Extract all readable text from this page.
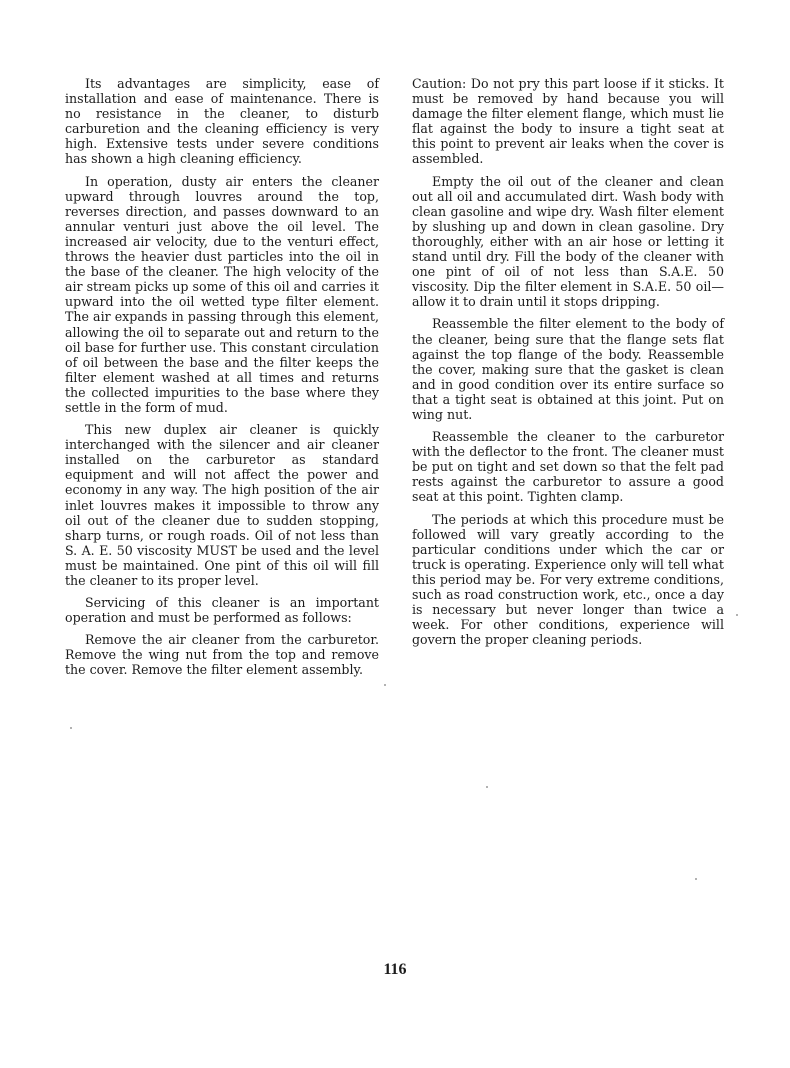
Its advantages are simplicity, ease of installation and ease of maintenance. There is no resistance in the cleaner, to disturb carburetion and the cleaning efficiency is very high. Extensive tests under severe conditions has shown a high cleaning efficiency.

In operation, dusty air enters the cleaner upward through louvres around the top, reverses direction, and passes downward to an annular venturi just above the oil level. The increased air velocity, due to the venturi effect, throws the heavier dust particles into the oil in the base of the cleaner. The high velocity of the air stream picks up some of this oil and carries it upward into the oil wetted type filter element. The air expands in passing through this element, allowing the oil to separate out and return to the oil base for further use. This constant circulation of oil between the base and the filter keeps the filter element washed at all times and returns the collected impurities to the base where they settle in the form of mud.

This new duplex air cleaner is quickly interchanged with the silencer and air cleaner installed on the carburetor as standard equipment and will not affect the power and economy in any way. The high position of the air inlet louvres makes it impossible to throw any oil out of the cleaner due to sudden stopping, sharp turns, or rough roads. Oil of not less than S. A. E. 50 viscosity MUST be used and the level must be maintained. One pint of this oil will fill the cleaner to its proper level.

Servicing of this cleaner is an important operation and must be performed as follows:

Remove the air cleaner from the carburetor. Remove the wing nut from the top and remove the cover. Remove the filter element assembly.

Caution: Do not pry this part loose if it sticks. It must be removed by hand because you will damage the filter element flange, which must lie flat against the body to insure a tight seat at this point to prevent air leaks when the cover is assembled.

Empty the oil out of the cleaner and clean out all oil and accumulated dirt. Wash body with clean gasoline and wipe dry. Wash filter element by slushing up and down in clean gasoline. Dry thoroughly, either with an air hose or letting it stand until dry. Fill the body of the cleaner with one pint of oil of not less than S.A.E. 50 viscosity. Dip the filter element in S.A.E. 50 oil—allow it to drain until it stops dripping.

Reassemble the filter element to the body of the cleaner, being sure that the flange sets flat against the top flange of the body. Reassemble the cover, making sure that the gasket is clean and in good condition over its entire surface so that a tight seat is obtained at this joint. Put on wing nut.

Reassemble the cleaner to the carburetor with the deflector to the front. The cleaner must be put on tight and set down so that the felt pad rests against the carburetor to assure a good seat at this point. Tighten clamp.

The periods at which this procedure must be followed will vary greatly according to the particular conditions under which the car or truck is operating. Experience only will tell what this period may be. For very extreme conditions, such as road construction work, etc., once a day is necessary but never longer than twice a week. For other conditions, experience will govern the proper cleaning periods.

116
